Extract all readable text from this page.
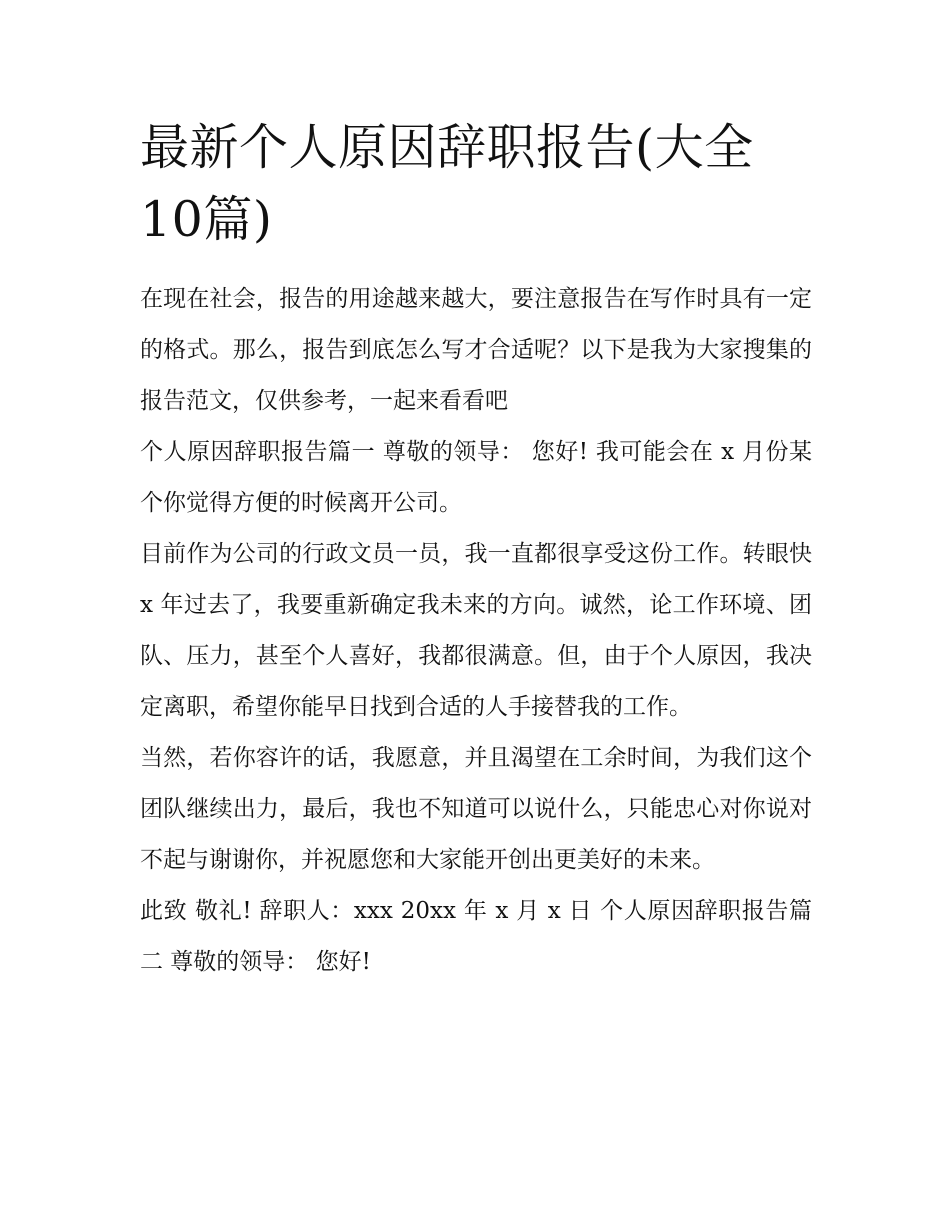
最新个人原因辞职报告(大全10篇)

在现在社会，报告的用途越来越大，要注意报告在写作时具有一定的格式。那么，报告到底怎么写才合适呢？以下是我为大家搜集的报告范文，仅供参考，一起来看看吧

个人原因辞职报告篇一 尊敬的领导： 您好! 我可能会在 x 月份某个你觉得方便的时候离开公司。

目前作为公司的行政文员一员，我一直都很享受这份工作。转眼快 x 年过去了，我要重新确定我未来的方向。诚然，论工作环境、团队、压力，甚至个人喜好，我都很满意。但，由于个人原因，我决定离职，希望你能早日找到合适的人手接替我的工作。

当然，若你容许的话，我愿意，并且渴望在工余时间，为我们这个团队继续出力，最后，我也不知道可以说什么，只能忠心对你说对不起与谢谢你，并祝愿您和大家能开创出更美好的未来。

此致 敬礼! 辞职人：xxx 20xx 年 x 月 x 日 个人原因辞职报告篇二 尊敬的领导： 您好!
